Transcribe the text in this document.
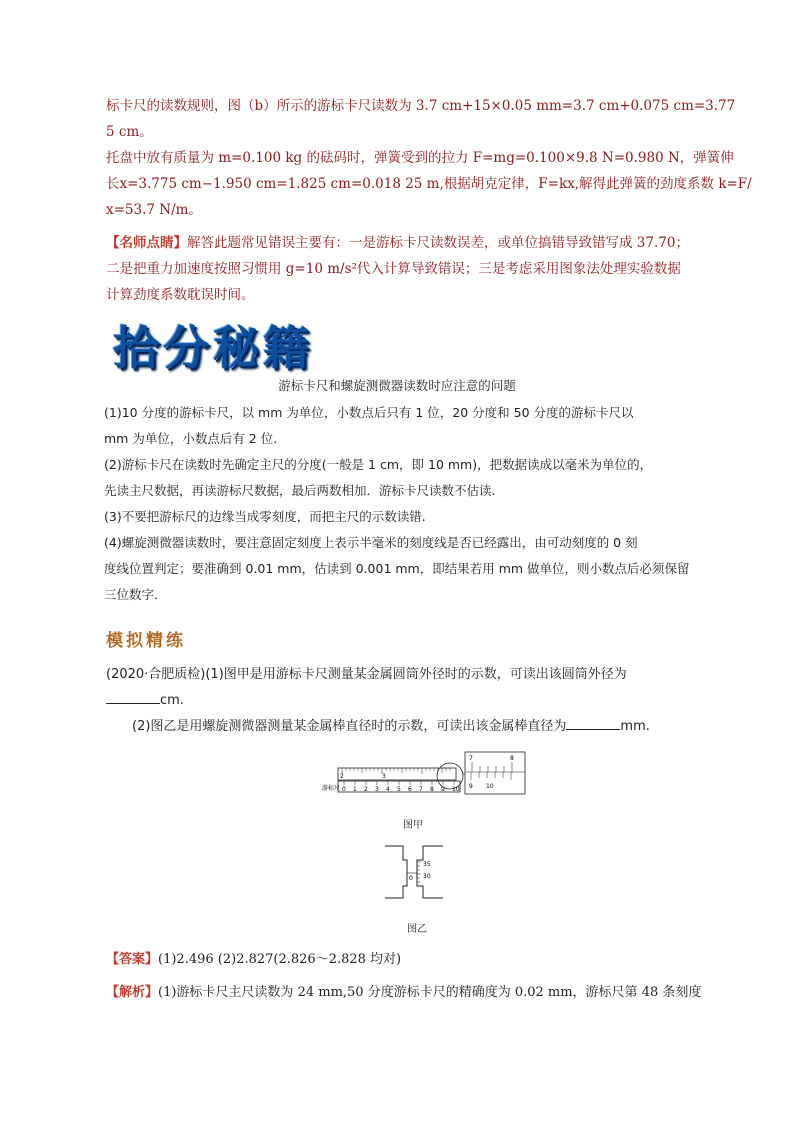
标卡尺的读数规则，图（b）所示的游标卡尺读数为 3.7 cm+15×0.05 mm=3.7 cm+0.075 cm=3.77
5 cm。
托盘中放有质量为 m=0.100 kg 的砝码时，弹簧受到的拉力 F=mg=0.100×9.8 N=0.980 N，弹簧伸
长x=3.775 cm−1.950 cm=1.825 cm=0.018 25 m,根据胡克定律，F=kx,解得此弹簧的劲度系数 k=F/
x=53.7 N/m。
【名师点睛】解答此题常见错误主要有：一是游标卡尺读数误差，或单位搞错导致错写成 37.70；
二是把重力加速度按照习惯用 g=10 m/s²代入计算导致错误；三是考虑采用图象法处理实验数据
计算劲度系数耽误时间。
拾分秘籍
游标卡尺和螺旋测微器读数时应注意的问题
(1)10 分度的游标卡尺，以 mm 为单位，小数点后只有 1 位，20 分度和 50 分度的游标卡尺以
mm 为单位，小数点后有 2 位.
(2)游标卡尺在读数时先确定主尺的分度(一般是 1 cm，即 10 mm)，把数据读成以毫米为单位的，
先读主尺数据，再读游标尺数据，最后两数相加．游标卡尺读数不估读.
(3)不要把游标尺的边缘当成零刻度，而把主尺的示数读错.
(4)螺旋测微器读数时，要注意固定刻度上表示半毫米的刻度线是否已经露出，由可动刻度的 0 刻
度线位置判定；要准确到 0.01 mm，估读到 0.001 mm，即结果若用 mm 做单位，则小数点后必须保留
三位数字.
模拟精练
(2020·合肥质检)(1)图甲是用游标卡尺测量某金属圆筒外径时的示数，可读出该圆筒外径为
cm.
(2)图乙是用螺旋测微器测量某金属棒直径时的示数，可读出该金属棒直径为	mm.
2	3
游标尺 0 1 2 3 4 5 6 7 8 9 10
7	8
9 10
图甲
35
30
0
图乙
【答案】(1)2.496 (2)2.827(2.826～2.828 均对)
【解析】(1)游标卡尺主尺读数为 24 mm,50 分度游标卡尺的精确度为 0.02 mm，游标尺第 48 条刻度
